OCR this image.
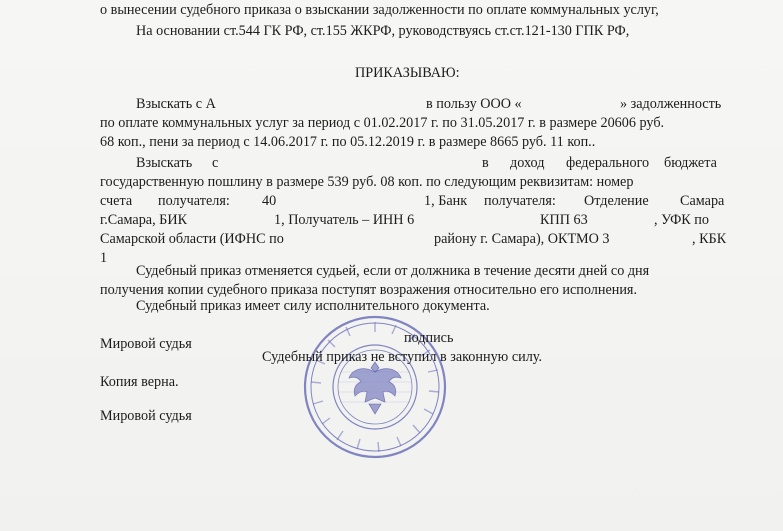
о вынесении судебного приказа о взыскании задолженности по оплате коммунальных услуг,
На основании ст.544 ГК РФ, ст.155 ЖКРФ, руководствуясь ст.ст.121-130 ГПК РФ,
ПРИКАЗЫВАЮ:
Взыскать с А	в пользу ООО «	» задолженность
по оплате коммунальных услуг за период с 01.02.2017 г. по 31.05.2017 г. в размере 20606 руб.
68 коп., пени за период с 14.06.2017 г. по 05.12.2019 г. в размере 8665 руб. 11 коп..
Взыскать с	в доход федерального бюджета
государственную пошлину в размере 539 руб. 08 коп. по следующим реквизитам: номер
счета получателя: 40	1, Банк получателя: Отделение Самара
г.Самара, БИК	1, Получатель – ИНН 6	КПП 63	, УФК по
Самарской области (ИФНС по	району г. Самара), ОКТМО 3	, КБК
1
Судебный приказ отменяется судьей, если от должника в течение десяти дней со дня
получения копии судебного приказа поступят возражения относительно его исполнения.
Судебный приказ имеет силу исполнительного документа.
Мировой судья	подпись
Судебный приказ не вступил в законную силу.
Копия верна.
Мировой судья
